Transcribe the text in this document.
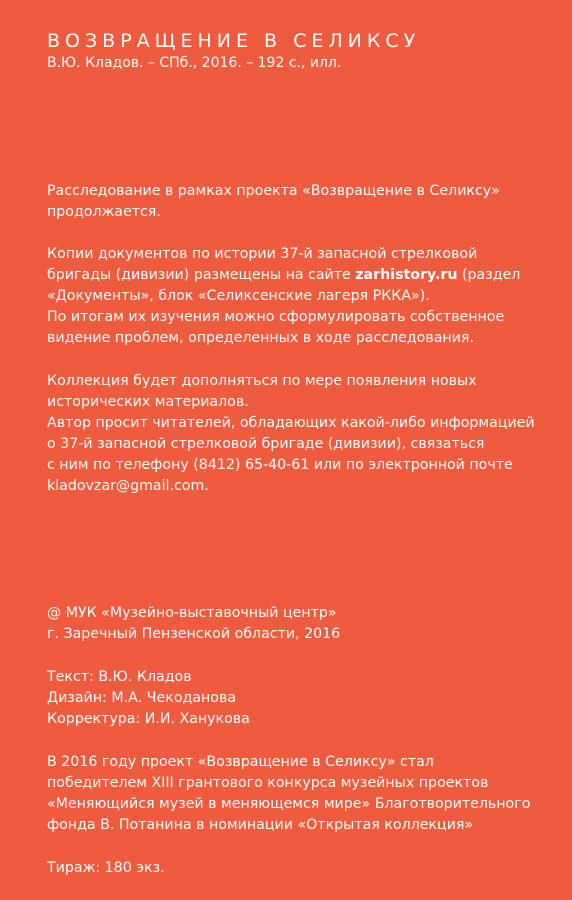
ВОЗВРАЩЕНИЕ В СЕЛИКСУ
В.Ю. Кладов. – СПб., 2016. – 192 с., илл.
Расследование в рамках проекта «Возвращение в Селиксу»
продолжается.
Копии документов по истории 37-й запасной стрелковой
бригады (дивизии) размещены на сайте zarhistory.ru (раздел
«Документы», блок «Селиксенские лагеря РККА»).
По итогам их изучения можно сформулировать собственное
видение проблем, определенных в ходе расследования.
Коллекция будет дополняться по мере появления новых
исторических материалов.
Автор просит читателей, обладающих какой-либо информацией
о 37-й запасной стрелковой бригаде (дивизии), связаться
с ним по телефону (8412) 65-40-61 или по электронной почте
kladovzar@gmail.com.
@ МУК «Музейно-выставочный центр»
г. Заречный Пензенской области, 2016
Текст: В.Ю. Кладов
Дизайн: М.А. Чекоданова
Корректура: И.И. Ханукова
В 2016 году проект «Возвращение в Селиксу» стал
победителем XIII грантового конкурса музейных проектов
«Меняющийся музей в меняющемся мире» Благотворительного
фонда В. Потанина в номинации «Открытая коллекция»
Тираж: 180 экз.
